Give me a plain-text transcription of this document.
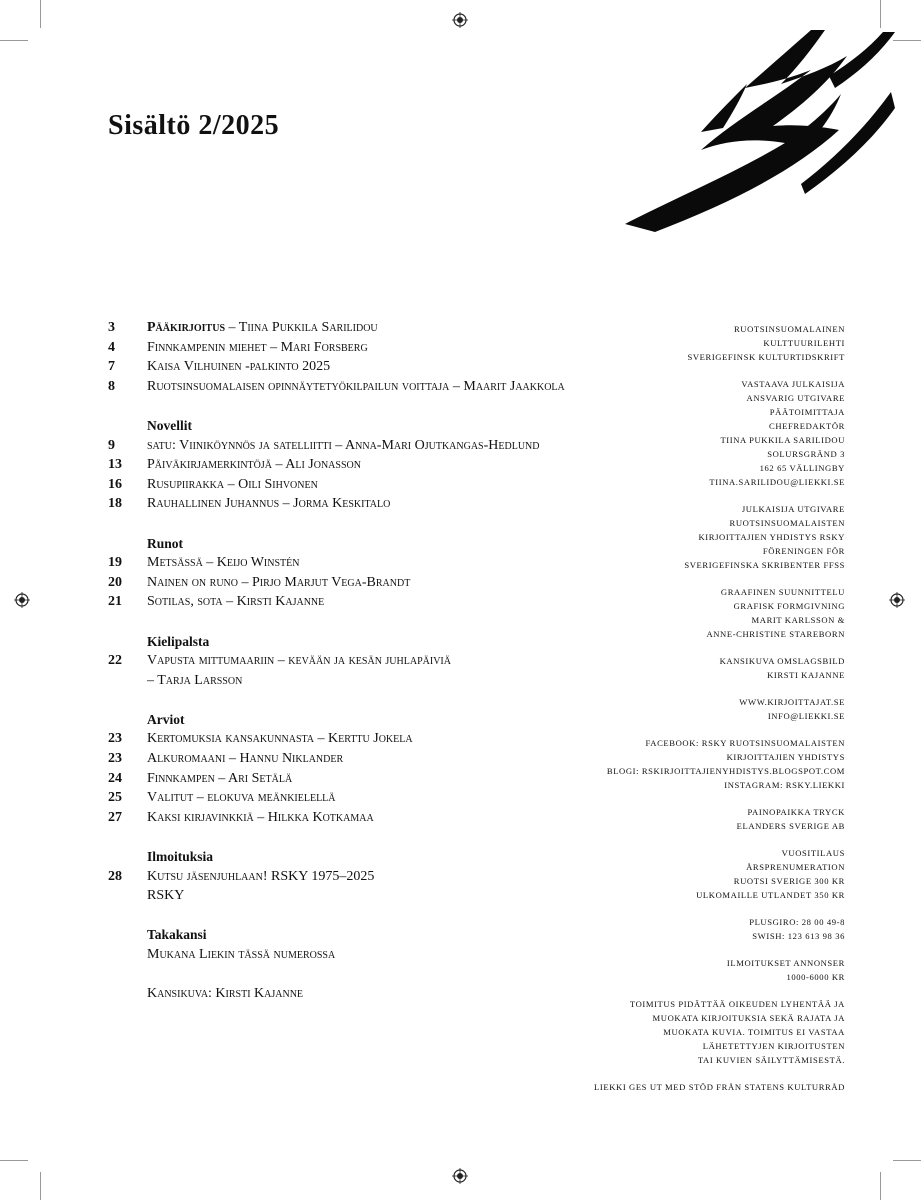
Sisältö 2/2025
3	Pääkirjoitus – Tiina Pukkila Sarilidou
4	Finnkampenin miehet – Mari Forsberg
7	Kaisa Vilhuinen -palkinto 2025
8	Ruotsinsuomalaisen opinnäytetyökilpailun voittaja – Maarit Jaakkola
Novellit
9	satu: Viiniköynnös ja satelliitti – Anna-Mari Ojutkangas-Hedlund
13	Päiväkirjamerkintöjä – Ali Jonasson
16	Rusupiirakka – Oili Sihvonen
18	Rauhallinen Juhannus – Jorma Keskitalo
Runot
19	Metsässä – Keijo Winstén
20	Nainen on runo – Pirjo Marjut Vega-Brandt
21	Sotilas, sota – Kirsti Kajanne
Kielipalsta
22	Vapusta mittumaariin – kevään ja kesän juhlapäiviä
– Tarja Larsson
Arviot
23	Kertomuksia kansakunnasta – Kerttu Jokela
23	Alkuromaani – Hannu Niklander
24	Finnkampen – Ari Setälä
25	Valitut – elokuva meänkielellä
27	Kaksi kirjavinkkiä – Hilkka Kotkamaa
Ilmoituksia
28	Kutsu jäsenjuhlaan! RSKY 1975–2025
RSKY
Takakansi
Mukana Liekin tässä numerossa
Kansikuva: Kirsti Kajanne
RUOTSINSUOMALAINEN
KULTTUURILEHTI
SVERIGEFINSK KULTURTIDSKRIFT
VASTAAVA JULKAISIJA
ANSVARIG UTGIVARE
PÄÄTOIMITTAJA
CHEFREDAKTÖR
TIINA PUKKILA SARILIDOU
SOLURSGRÄND 3
162 65 VÄLLINGBY
TIINA.SARILIDOU@LIEKKI.SE
JULKAISIJA UTGIVARE
RUOTSINSUOMALAISTEN
KIRJOITTAJIEN YHDISTYS RSKY
FÖRENINGEN FÖR
SVERIGEFINSKA SKRIBENTER FFSS
GRAAFINEN SUUNNITTELU
GRAFISK FORMGIVNING
MARIT KARLSSON &
ANNE-CHRISTINE STAREBORN
KANSIKUVA OMSLAGSBILD
KIRSTI KAJANNE
WWW.KIRJOITTAJAT.SE
INFO@LIEKKI.SE
FACEBOOK: RSKY RUOTSINSUOMALAISTEN
KIRJOITTAJIEN YHDISTYS
BLOGI: RSKIRJOITTAJIENYHDISTYS.BLOGSPOT.COM
INSTAGRAM: RSKY.LIEKKI
PAINOPAIKKA TRYCK
ELANDERS SVERIGE AB
VUOSITILAUS
ÅRSPRENUMERATION
RUOTSI SVERIGE 300 KR
ULKOMAILLE UTLANDET 350 KR
PLUSGIRO: 28 00 49-8
SWISH: 123 613 98 36
ILMOITUKSET ANNONSER
1000-6000 KR
TOIMITUS PIDÄTTÄÄ OIKEUDEN LYHENTÄÄ JA
MUOKATA KIRJOITUKSIA SEKÄ RAJATA JA
MUOKATA KUVIA. TOIMITUS EI VASTAA
LÄHETETTYJEN KIRJOITUSTEN
TAI KUVIEN SÄILYTTÄMISESTÄ.
LIEKKI GES UT MED STÖD FRÅN STATENS KULTURRÅD
